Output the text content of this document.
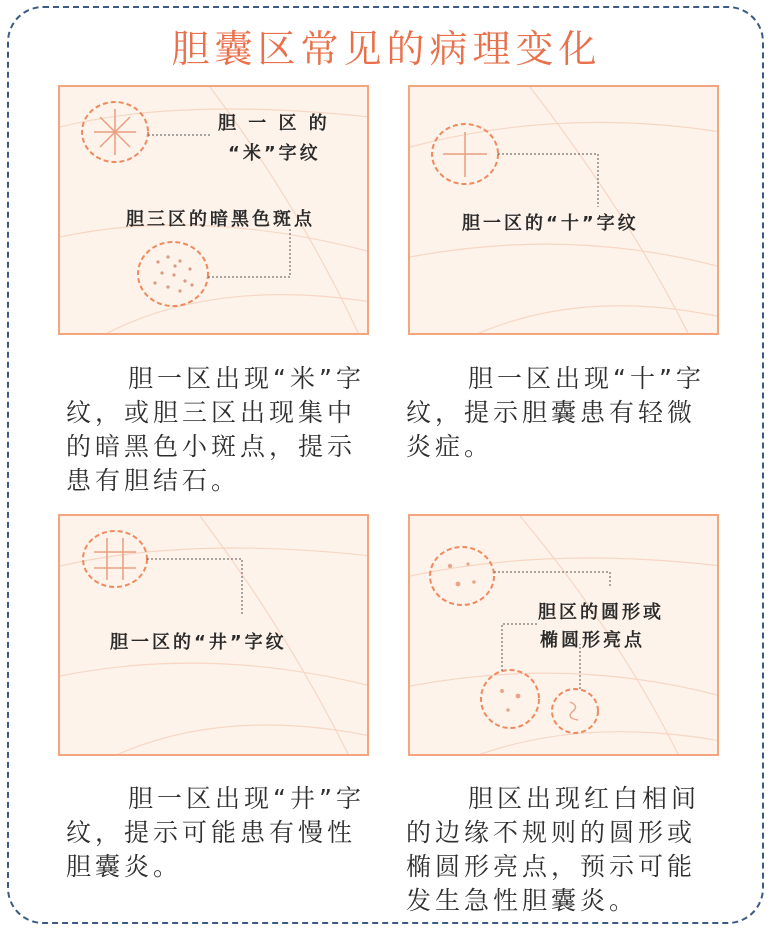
胆囊区常见的病理变化
胆 一 区 的
“米”字纹
胆三区的暗黑色斑点	胆一区的“十”字纹
胆一区的“井”字纹
胆区的圆形或
椭圆形亮点
胆一区出现“米”字纹，或胆三区出现集中的暗黑色小斑点，提示患有胆结石。
胆一区出现“十”字纹，提示胆囊患有轻微炎症。
胆一区出现“井”字纹，提示可能患有慢性胆囊炎。
胆区出现红白相间的边缘不规则的圆形或椭圆形亮点，预示可能发生急性胆囊炎。
